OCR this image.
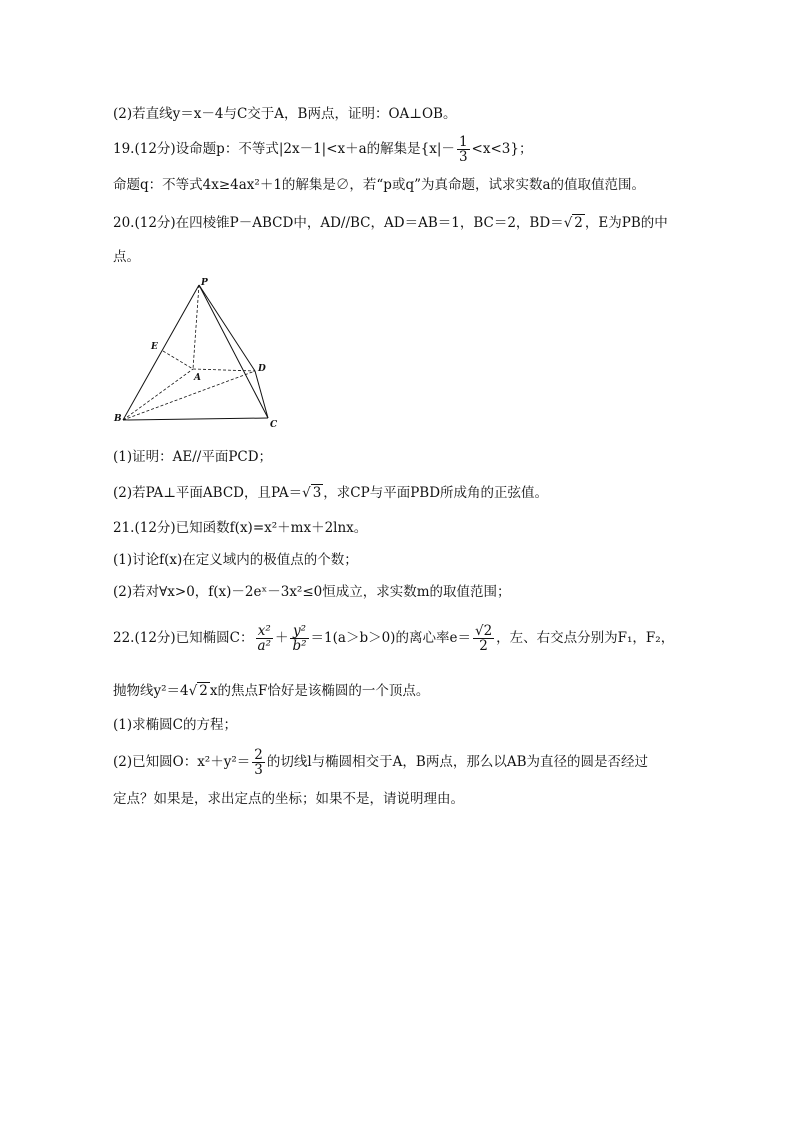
(2)若直线y＝x－4与C交于A，B两点，证明：OA⊥OB。
19.(12分)设命题p：不等式|2x－1|<x＋a的解集是$\{x|- \frac{1}{3} <x<3\}$；
命题q：不等式4x≥4ax²＋1的解集是∅，若“p或q”为真命题，试求实数a的值取值范围。
20.(12分)在四棱锥P－ABCD中，AD//BC，AD＝AB＝1，BC＝2，BD＝√ 2 ，E为PB的中
点。
P
E
A
D
B
C
(1)证明：AE//平面PCD；
(2)若PA⊥平面ABCD，且PA＝√ 3 ，求CP与平面PBD所成角的正弦值。
21.(12分)已知函数f(x)=x²＋mx＋2lnx。
(1)讨论f(x)在定义域内的极值点的个数；
(2)若对∀x>0，f(x)－2eˣ－3x²≤0恒成立，求实数m的取值范围；
22.(12分)已知椭圆C： $\frac{\text{x²}}{\text{a²}} + \frac{\text{y²}}{\text{b²}} =1(a>b>0)$的离心率$e= \frac{√2}{2}$ ，左、右交点分别为F₁，F₂，
抛物线y²＝4√ 2 x的焦点F恰好是该椭圆的一个顶点。
(1)求椭圆C的方程；
(2)已知圆O：$x^2+y^2= \frac{2}{3}$ 的切线l与椭圆相交于A，B两点，那么以AB为直径的圆是否经过
定点？如果是，求出定点的坐标；如果不是，请说明理由。
